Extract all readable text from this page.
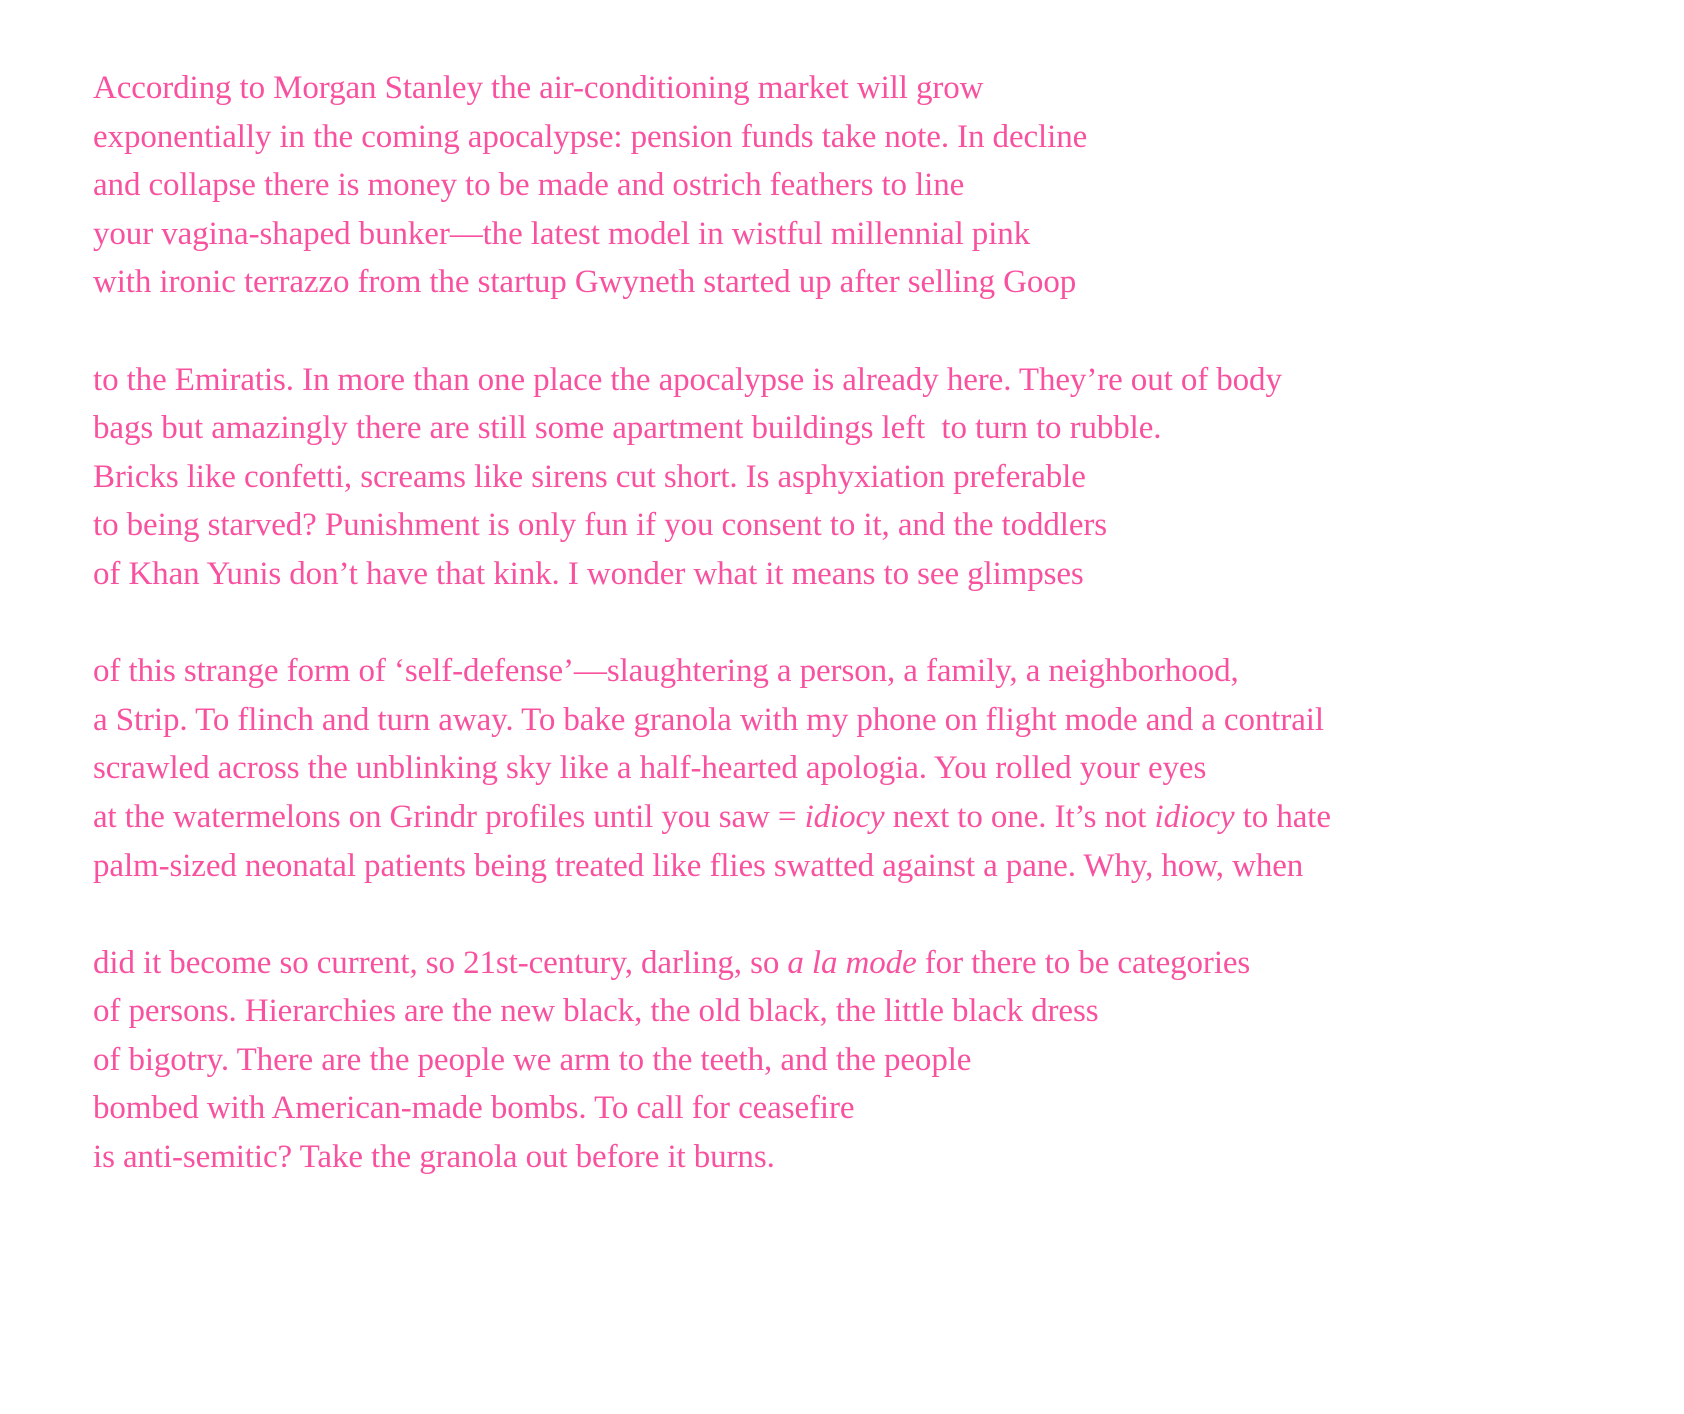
According to Morgan Stanley the air-conditioning market will grow
exponentially in the coming apocalypse: pension funds take note. In decline
and collapse there is money to be made and ostrich feathers to line
your vagina-shaped bunker—the latest model in wistful millennial pink
with ironic terrazzo from the startup Gwyneth started up after selling Goop
to the Emiratis. In more than one place the apocalypse is already here. They’re out of body
bags but amazingly there are still some apartment buildings left  to turn to rubble.
Bricks like confetti, screams like sirens cut short. Is asphyxiation preferable
to being starved? Punishment is only fun if you consent to it, and the toddlers
of Khan Yunis don’t have that kink. I wonder what it means to see glimpses
of this strange form of ‘self-defense’—slaughtering a person, a family, a neighborhood,
a Strip. To flinch and turn away. To bake granola with my phone on flight mode and a contrail
scrawled across the unblinking sky like a half-hearted apologia. You rolled your eyes
at the watermelons on Grindr profiles until you saw = idiocy next to one. It’s not idiocy to hate
palm-sized neonatal patients being treated like flies swatted against a pane. Why, how, when
did it become so current, so 21st-century, darling, so a la mode for there to be categories
of persons. Hierarchies are the new black, the old black, the little black dress
of bigotry. There are the people we arm to the teeth, and the people
bombed with American-made bombs. To call for ceasefire
is anti-semitic? Take the granola out before it burns.
